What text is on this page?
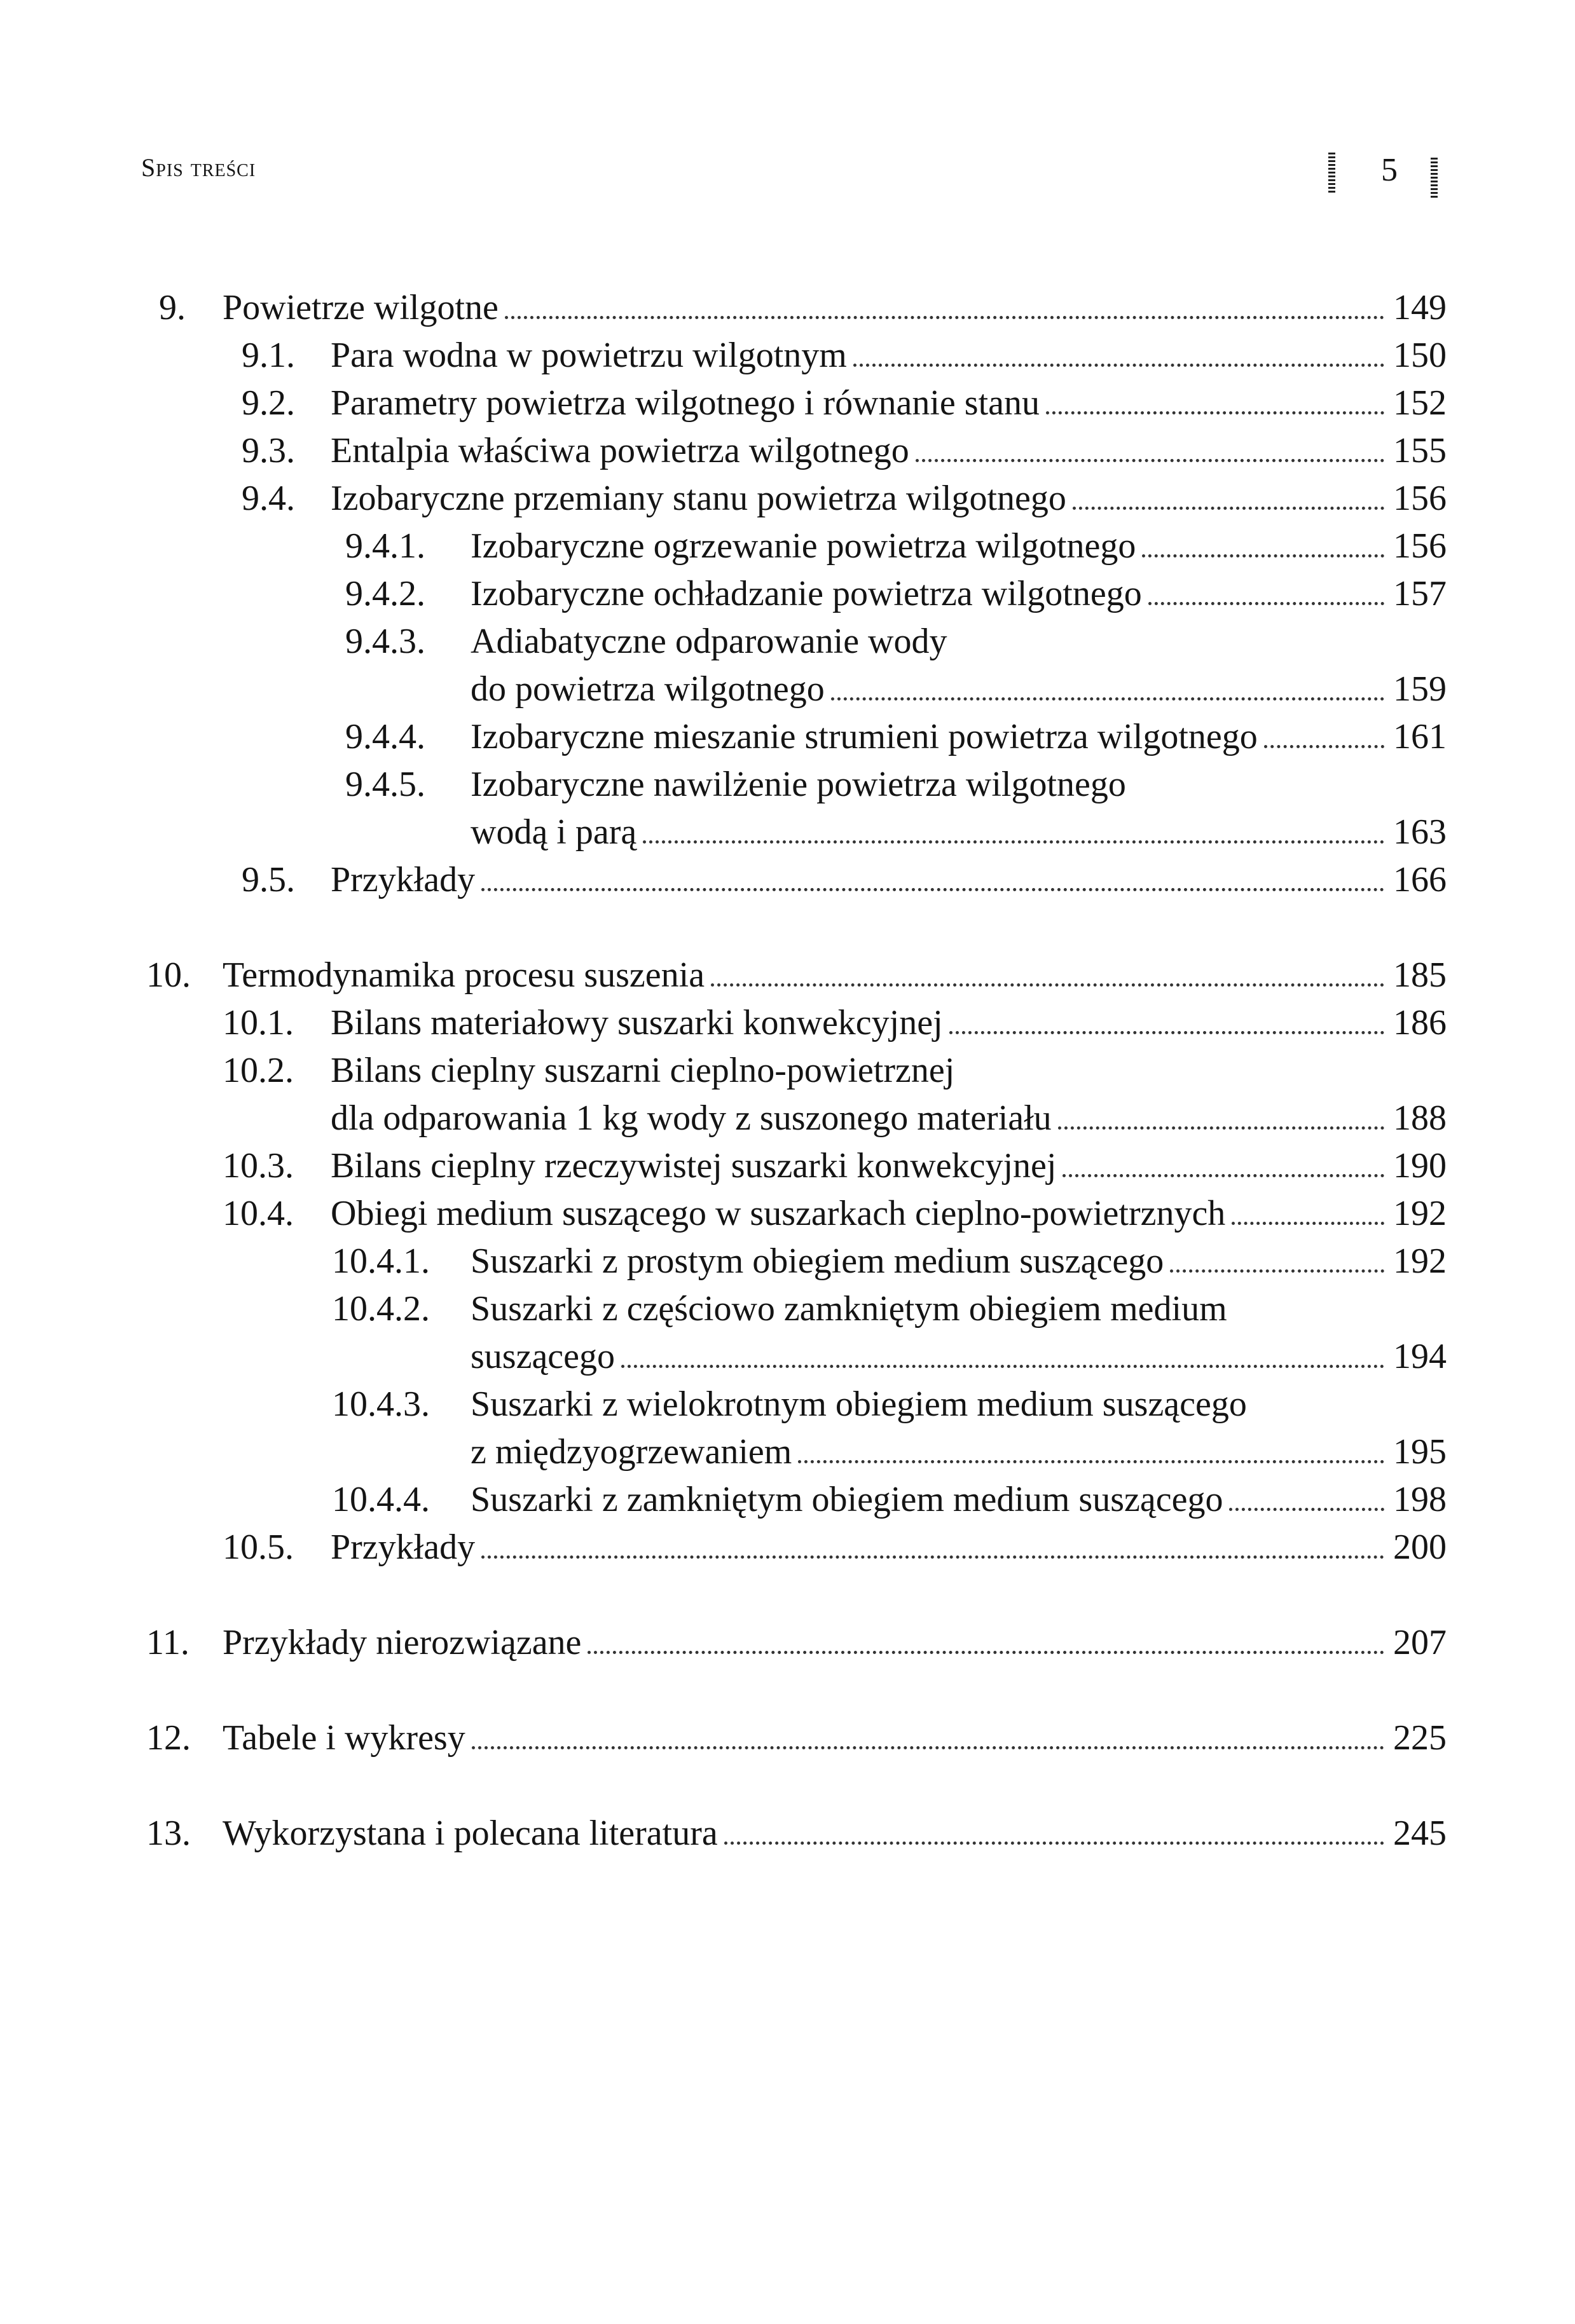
Spis treści	5
9. Powietrze wilgotne	149
9.1. Para wodna w powietrzu wilgotnym	150
9.2. Parametry powietrza wilgotnego i równanie stanu	152
9.3. Entalpia właściwa powietrza wilgotnego	155
9.4. Izobaryczne przemiany stanu powietrza wilgotnego	156
9.4.1. Izobaryczne ogrzewanie powietrza wilgotnego	156
9.4.2. Izobaryczne ochładzanie powietrza wilgotnego	157
9.4.3. Adiabatyczne odparowanie wody
do powietrza wilgotnego	159
9.4.4. Izobaryczne mieszanie strumieni powietrza wilgotnego	161
9.4.5. Izobaryczne nawilżenie powietrza wilgotnego
wodą i parą	163
9.5. Przykłady	166
10. Termodynamika procesu suszenia	185
10.1. Bilans materiałowy suszarki konwekcyjnej	186
10.2. Bilans cieplny suszarni cieplno-powietrznej
dla odparowania 1 kg wody z suszonego materiału	188
10.3. Bilans cieplny rzeczywistej suszarki konwekcyjnej	190
10.4. Obiegi medium suszącego w suszarkach cieplno-powietrznych	192
10.4.1. Suszarki z prostym obiegiem medium suszącego	192
10.4.2. Suszarki z częściowo zamkniętym obiegiem medium
suszącego	194
10.4.3. Suszarki z wielokrotnym obiegiem medium suszącego
z międzyogrzewaniem	195
10.4.4. Suszarki z zamkniętym obiegiem medium suszącego	198
10.5. Przykłady	200
11. Przykłady nierozwiązane	207
12. Tabele i wykresy	225
13. Wykorzystana i polecana literatura	245
